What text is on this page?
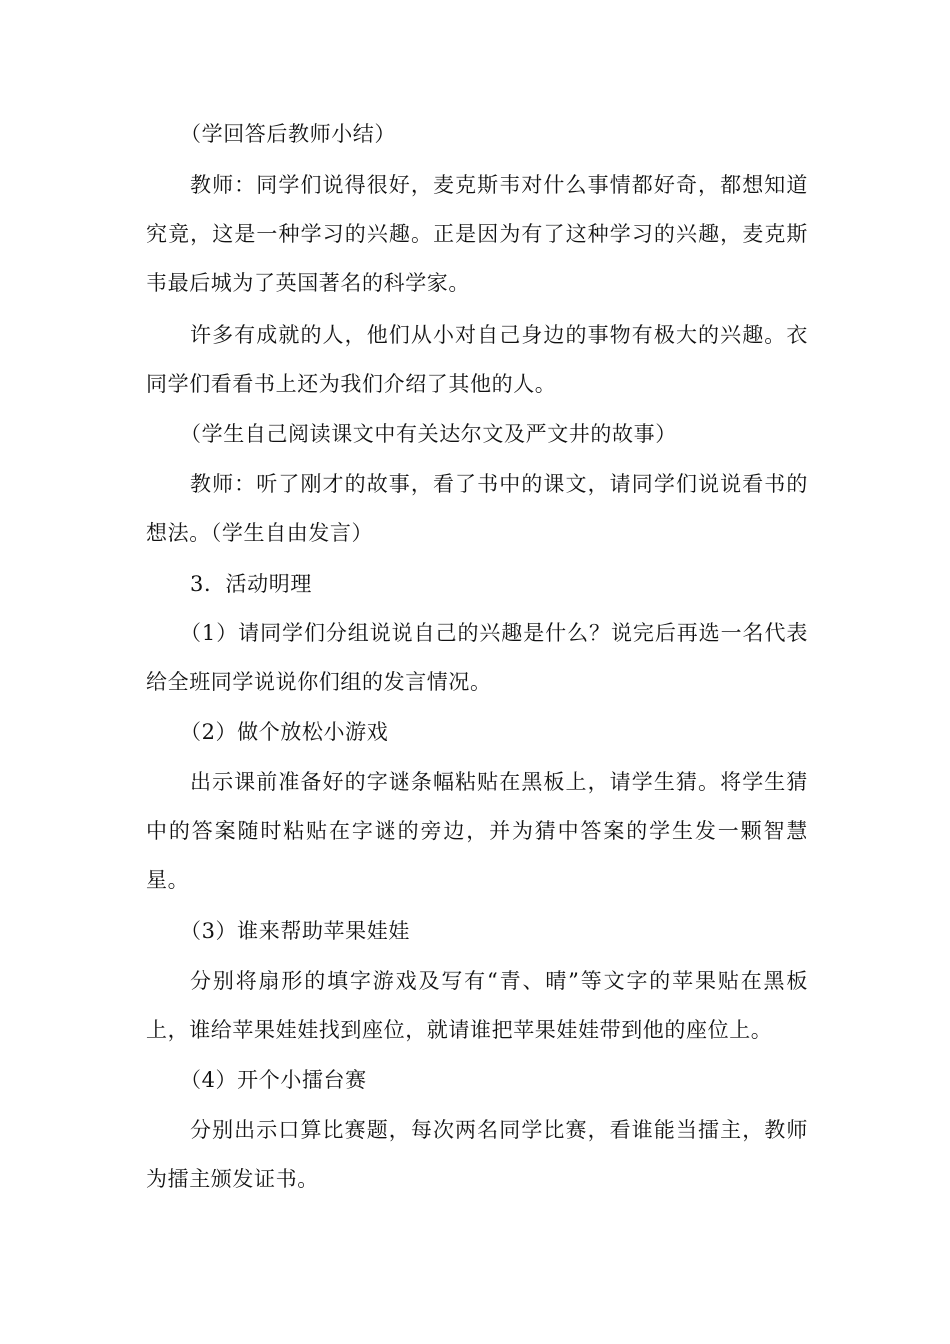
（学回答后教师小结）

教师：同学们说得很好，麦克斯韦对什么事情都好奇，都想知道究竟，这是一种学习的兴趣。正是因为有了这种学习的兴趣，麦克斯韦最后城为了英国著名的科学家。

许多有成就的人，他们从小对自己身边的事物有极大的兴趣。衣同学们看看书上还为我们介绍了其他的人。

（学生自己阅读课文中有关达尔文及严文井的故事）

教师：听了刚才的故事，看了书中的课文，请同学们说说看书的想法。（学生自由发言）

3．活动明理

（1）请同学们分组说说自己的兴趣是什么？说完后再选一名代表给全班同学说说你们组的发言情况。

（2）做个放松小游戏

出示课前准备好的字谜条幅粘贴在黑板上，请学生猜。将学生猜中的答案随时粘贴在字谜的旁边，并为猜中答案的学生发一颗智慧星。

（3）谁来帮助苹果娃娃

分别将扇形的填字游戏及写有“青、晴”等文字的苹果贴在黑板上，谁给苹果娃娃找到座位，就请谁把苹果娃娃带到他的座位上。

（4）开个小擂台赛

分别出示口算比赛题，每次两名同学比赛，看谁能当擂主，教师为擂主颁发证书。
